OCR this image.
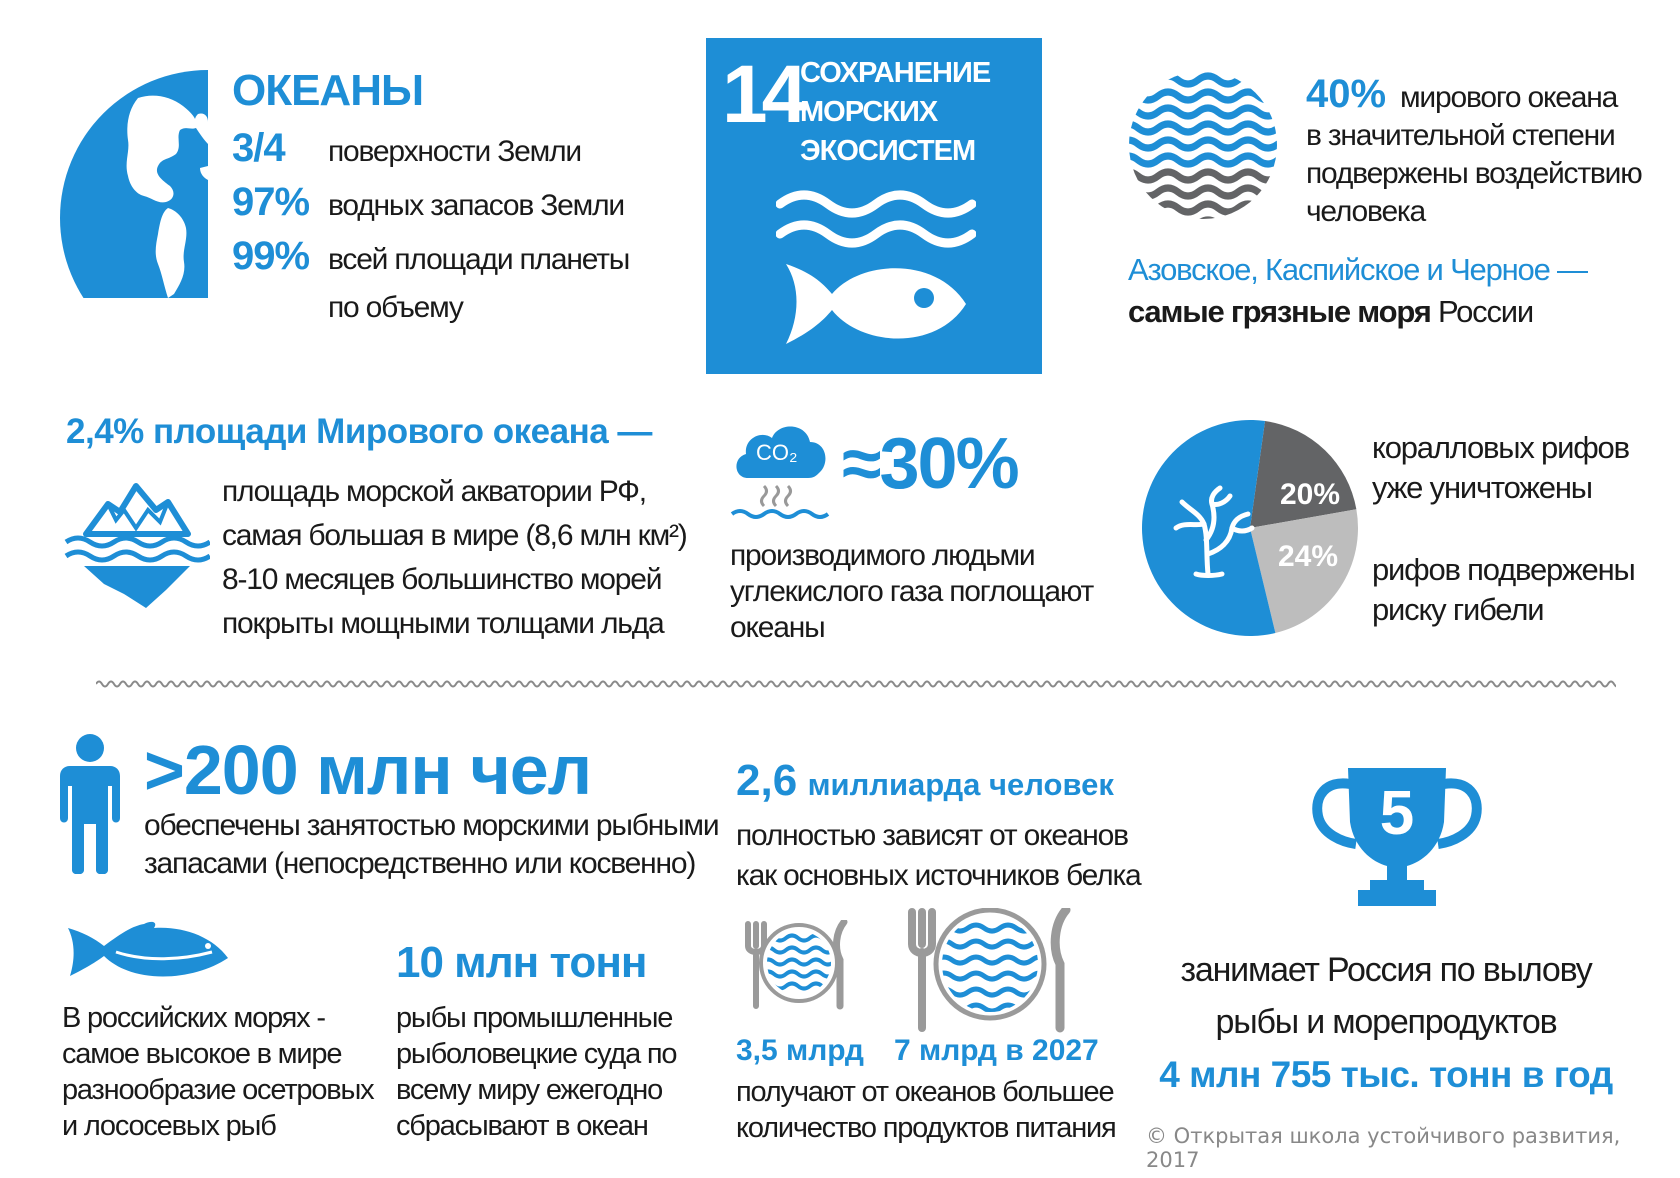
ОКЕАНЫ
3/4 поверхности Земли
97% водных запасов Земли
99% всей площади планеты
по объему
14
СОХРАНЕНИЕ
МОРСКИХ
ЭКОСИСТЕМ
40% мирового океана
в значительной степени
подвержены воздействию
человека
Азовское, Каспийское и Черное —
самые грязные моря России
2,4% площади Мирового океана —
площадь морской акватории РФ,
самая большая в мире (8,6 млн км²)
8-10 месяцев большинство морей
покрыты мощными толщами льда
CO₂ ≈30%
производимого людьми
углекислого газа поглощают
океаны
20%
24%
коралловых рифов
уже уничтожены
рифов подвержены
риску гибели
>200 млн чел
обеспечены занятостью морскими рыбными
запасами (непосредственно или косвенно)
2,6 миллиарда человек
полностью зависят от океанов
как основных источников белка
5
занимает Россия по вылову
рыбы и морепродуктов
4 млн 755 тыс. тонн в год
В российских морях -
самое высокое в мире
разнообразие осетровых
и лососевых рыб
10 млн тонн
рыбы промышленные
рыболовецкие суда по
всему миру ежегодно
сбрасывают в океан
3,5 млрд 7 млрд в 2027
получают от океанов большее
количество продуктов питания © Открытая школа устойчивого развития, 2017
